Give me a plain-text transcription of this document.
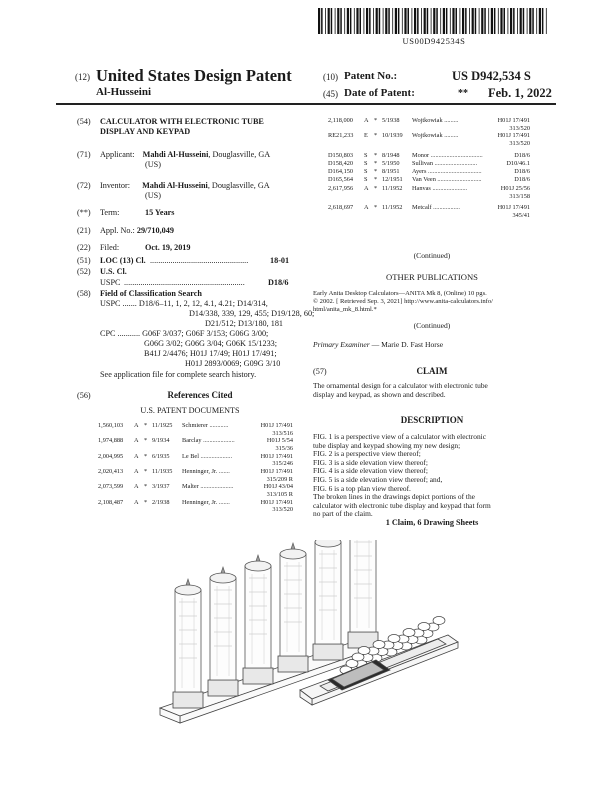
US00D942534S
(12) United States Design Patent
Al-Husseini
(10) Patent No.:	US D942,534 S
(45) Date of Patent:	** Feb. 1, 2022
(54) CALCULATOR WITH ELECTRONIC TUBE
DISPLAY AND KEYPAD
(71) Applicant: Mahdi Al-Husseini, Douglasville, GA
(US)
(72) Inventor: Mahdi Al-Husseini, Douglasville, GA
(US)
(**) Term:	15 Years
(21) Appl. No.: 29/710,049
(22) Filed:	Oct. 19, 2019
(51) LOC (13) Cl. ................................................	18-01
(52) U.S. Cl.
USPC ...........................................................	D18/6
(58) Field of Classification Search
USPC ....... D18/6–11, 1, 2, 12, 4.1, 4.21; D14/314,
D14/338, 339, 129, 455; D19/128, 60;
D21/512; D13/180, 181
CPC ........... G06F 3/037; G06F 3/153; G06G 3/00;
G06G 3/02; G06G 3/04; G06K 15/1233;
B41J 2/4476; H01J 17/49; H01J 17/491;
H01J 2893/0069; G09G 3/10
See application file for complete search history.
(56)	References Cited
U.S. PATENT DOCUMENTS
1,560,103 A * 11/1925 Schmierer ............	H01J 17/491
313/516
1,974,888 A * 9/1934 Barclay ....................	H01J 5/54
315/36
2,004,995 A * 6/1935 Le Bel ....................	H01J 17/491
315/246
2,020,413 A * 11/1935 Henninger, Jr. .......	H01J 17/491
315/209 R
2,073,599 A * 3/1937 Malter .....................	H01J 43/04
313/105 R
2,108,487 A * 2/1938 Henninger, Jr. .......	H01J 17/491
313/520
2,118,000 A * 5/1938 Wojtkowiak .........	H01J 17/491
313/520
RE21,233 E * 10/1939 Wojtkowiak .........	H01J 17/491
313/520
D150,803 S * 8/1948 Monor .................................	D18/6
D158,420 S * 5/1950 Sullivan ...........................	D10/46.1
D164,150 S * 8/1951 Ayers ..................................	D18/6
D165,564 S * 12/1951 Van Veen ............................	D18/6
2,617,956 A * 11/1952 Hanvas ......................	H01J 25/56
313/158
2,618,697 A * 11/1952 Metcalf .................	H01J 17/491
345/41
(Continued)
OTHER PUBLICATIONS
Early Anita Desktop Calculators—ANITA Mk 8, (Online) 10 pgs.
© 2002. [ Retrieved Sep. 3, 2021] http://www.anita-calculators.info/
html/anita_mk_8.html.*
(Continued)
Primary Examiner — Marie D. Fast Horse
(57)	CLAIM
The ornamental design for a calculator with electronic tube
display and keypad, as shown and described.
DESCRIPTION
FIG. 1 is a perspective view of a calculator with electronic
tube display and keypad showing my new design;
FIG. 2 is a perspective view thereof;
FIG. 3 is a side elevation view thereof;
FIG. 4 is a side elevation view thereof;
FIG. 5 is a side elevation view thereof; and,
FIG. 6 is a top plan view thereof.
The broken lines in the drawings depict portions of the
calculator with electronic tube display and keypad that form
no part of the claim.
1 Claim, 6 Drawing Sheets
